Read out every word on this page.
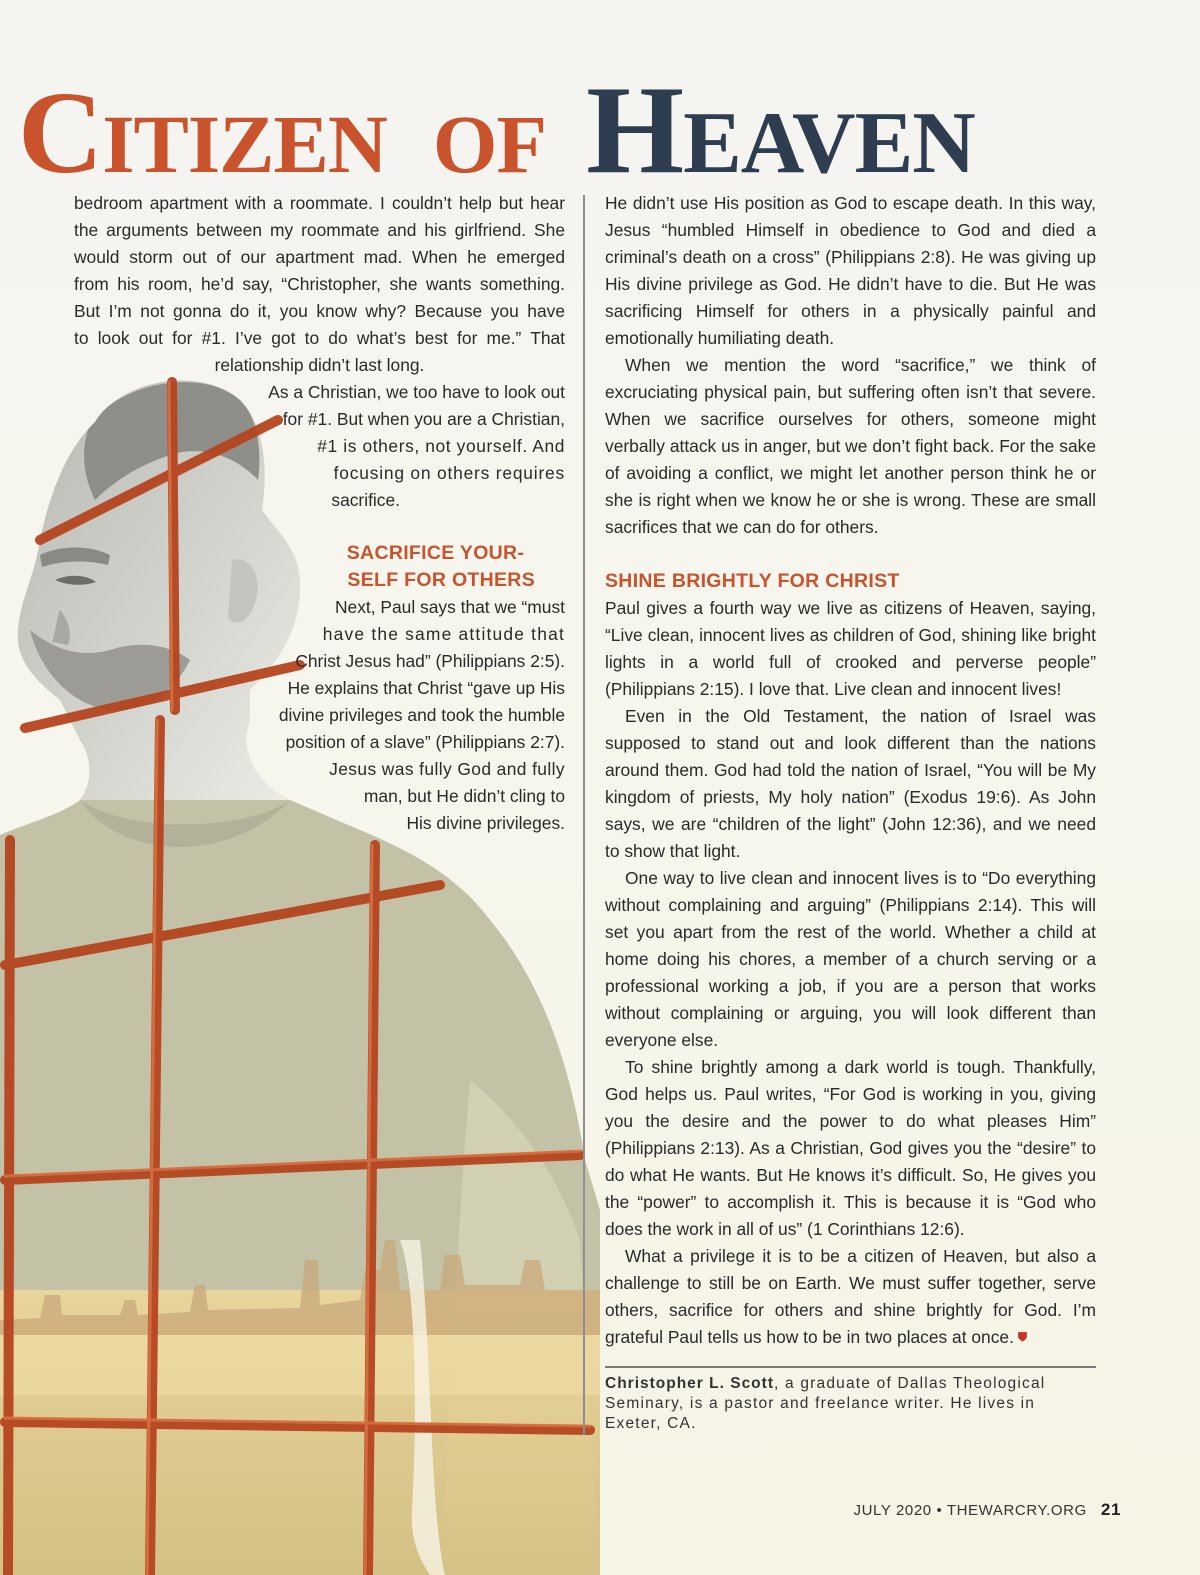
Citizen of Heaven

bedroom apartment with a roommate. I couldn’t help but hear
the arguments between my roommate and his girlfriend. She
would storm out of our apartment mad. When he emerged
from his room, he’d say, “Christopher, she wants something.
But I’m not gonna do it, you know why? Because you have
to look out for #1. I’ve got to do what’s best for me.” That
relationship didn’t last long.

As a Christian, we too have to look out
for #1. But when you are a Christian,
#1 is others, not yourself. And
focusing on others requires
sacrifice.

SACRIFICE YOUR-
SELF FOR OTHERS

Next, Paul says that we “must
have the same attitude that
Christ Jesus had” (Philippians 2:5).
He explains that Christ “gave up His
divine privileges and took the humble
position of a slave” (Philippians 2:7).
Jesus was fully God and fully
man, but He didn’t cling to
His divine privileges.

He didn’t use His position as God to escape death. In this way, Jesus “humbled Himself in obedience to God and died a criminal’s death on a cross” (Philippians 2:8). He was giving up His divine privilege as God. He didn’t have to die. But He was sacrificing Himself for others in a physically painful and emotionally humiliating death.

When we mention the word “sacrifice,” we think of excruciating physical pain, but suffering often isn’t that severe. When we sacrifice ourselves for others, someone might verbally attack us in anger, but we don’t fight back. For the sake of avoiding a conflict, we might let another person think he or she is right when we know he or she is wrong. These are small sacrifices that we can do for others.

SHINE BRIGHTLY FOR CHRIST

Paul gives a fourth way we live as citizens of Heaven, saying, “Live clean, innocent lives as children of God, shining like bright lights in a world full of crooked and perverse people” (Philippians 2:15). I love that. Live clean and innocent lives!

Even in the Old Testament, the nation of Israel was supposed to stand out and look different than the nations around them. God had told the nation of Israel, “You will be My kingdom of priests, My holy nation” (Exodus 19:6). As John says, we are “children of the light” (John 12:36), and we need to show that light.

One way to live clean and innocent lives is to “Do everything without complaining and arguing” (Philippians 2:14). This will set you apart from the rest of the world. Whether a child at home doing his chores, a member of a church serving or a professional working a job, if you are a person that works without complaining or arguing, you will look different than everyone else.

To shine brightly among a dark world is tough. Thankfully, God helps us. Paul writes, “For God is working in you, giving you the desire and the power to do what pleases Him” (Philippians 2:13). As a Christian, God gives you the “desire” to do what He wants. But He knows it’s difficult. So, He gives you the “power” to accomplish it. This is because it is “God who does the work in all of us” (1 Corinthians 12:6).

What a privilege it is to be a citizen of Heaven, but also a challenge to still be on Earth. We must suffer together, serve others, sacrifice for others and shine brightly for God. I’m grateful Paul tells us how to be in two places at once.

Christopher L. Scott, a graduate of Dallas Theological Seminary, is a pastor and freelance writer. He lives in Exeter, CA.

JULY 2020 • THEWARCRY.ORG 21
